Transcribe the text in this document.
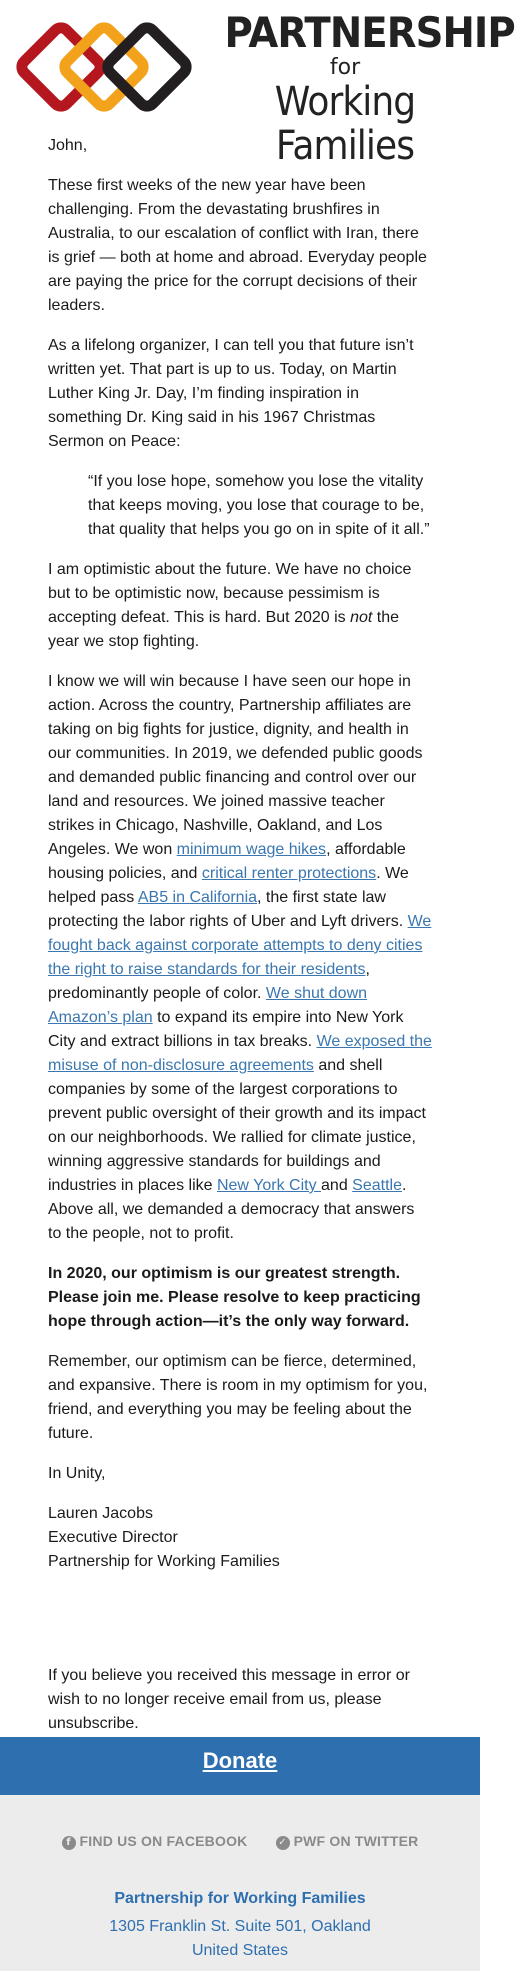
PARTNERSHIP
for
Working Families

John,

These first weeks of the new year have been challenging. From the devastating brushfires in Australia, to our escalation of conflict with Iran, there is grief — both at home and abroad. Everyday people are paying the price for the corrupt decisions of their leaders.

As a lifelong organizer, I can tell you that future isn’t written yet. That part is up to us. Today, on Martin Luther King Jr. Day, I’m finding inspiration in something Dr. King said in his 1967 Christmas Sermon on Peace:

“If you lose hope, somehow you lose the vitality that keeps moving, you lose that courage to be, that quality that helps you go on in spite of it all.”

I am optimistic about the future. We have no choice but to be optimistic now, because pessimism is accepting defeat. This is hard. But 2020 is not the year we stop fighting.

I know we will win because I have seen our hope in action. Across the country, Partnership affiliates are taking on big fights for justice, dignity, and health in our communities. In 2019, we defended public goods and demanded public financing and control over our land and resources. We joined massive teacher strikes in Chicago, Nashville, Oakland, and Los Angeles. We won minimum wage hikes, affordable housing policies, and critical renter protections. We helped pass AB5 in California, the first state law protecting the labor rights of Uber and Lyft drivers. We fought back against corporate attempts to deny cities the right to raise standards for their residents, predominantly people of color. We shut down Amazon’s plan to expand its empire into New York City and extract billions in tax breaks. We exposed the misuse of non-disclosure agreements and shell companies by some of the largest corporations to prevent public oversight of their growth and its impact on our neighborhoods. We rallied for climate justice, winning aggressive standards for buildings and industries in places like New York City and Seattle. Above all, we demanded a democracy that answers to the people, not to profit.

In 2020, our optimism is our greatest strength. Please join me. Please resolve to keep practicing hope through action—it’s the only way forward.

Remember, our optimism can be fierce, determined, and expansive. There is room in my optimism for you, friend, and everything you may be feeling about the future.

In Unity,

Lauren Jacobs
Executive Director
Partnership for Working Families

If you believe you received this message in error or wish to no longer receive email from us, please unsubscribe.

Donate
f FIND US ON FACEBOOK	✓ PWF ON TWITTER
Partnership for Working Families
1305 Franklin St. Suite 501, Oakland
United States
